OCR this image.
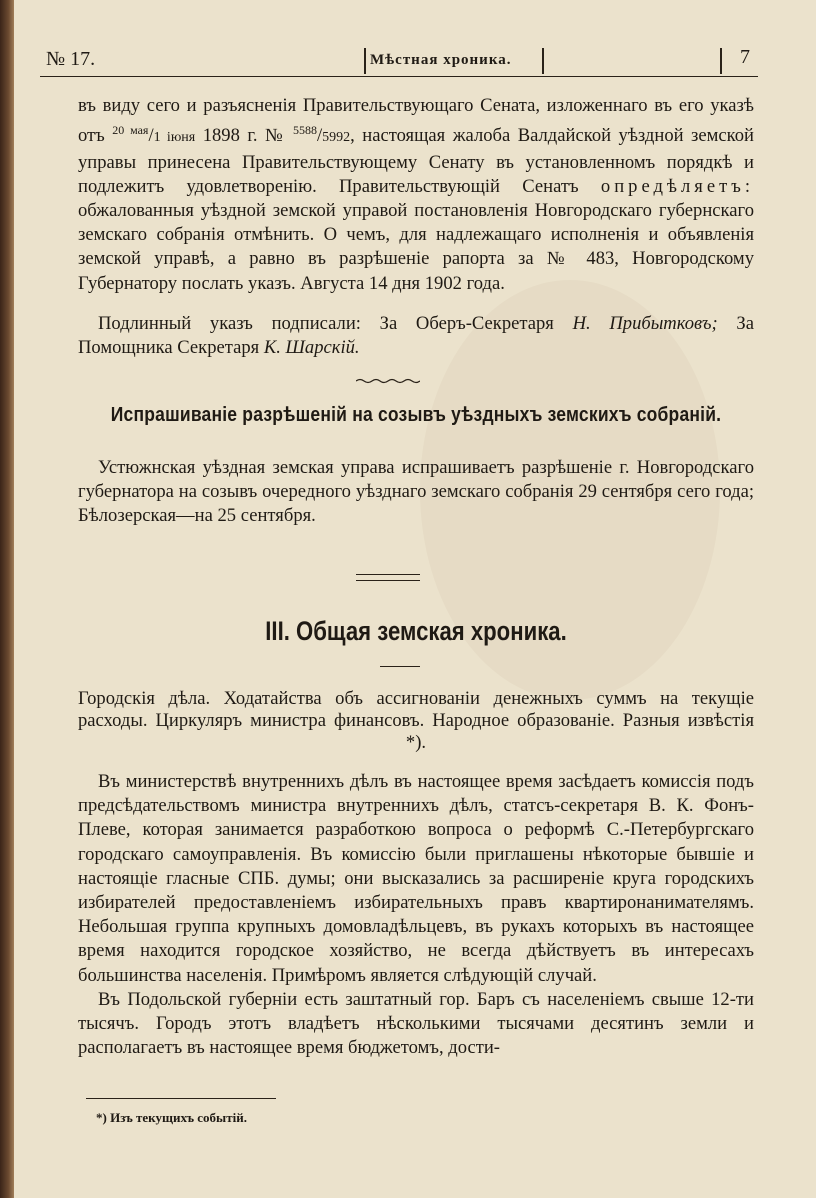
№ 17.	Мѣстная хроника.	7
въ виду сего и разъясненія Правительствующаго Сената, изложеннаго въ его указѣ отъ $^{20 мая}$/1 іюня 1898 г. № $^{5588}$/5992, настоящая жалоба Валдайской уѣздной земской управы принесена Правительствующему Сенату въ установленномъ порядкѣ и подлежитъ удовлетворенію. Правительствующій Сенатъ опредѣляетъ: обжалованныя уѣздной земской управой постановленія Новгородскаго губернскаго земскаго собранія отмѣнить. О чемъ, для надлежащаго исполненія и объявленія земской управѣ, а равно въ разрѣшеніе рапорта за № 483, Новгородскому Губернатору послать указъ. Августа 14 дня 1902 года.
Подлинный указъ подписали: За Оберъ-Секретаря Н. Прибытковъ; За Помощника Секретаря К. Шарскій.
Испрашиваніе разрѣшеній на созывъ уѣздныхъ земскихъ собраній.
Устюжнская уѣздная земская управа испрашиваетъ разрѣшеніе г. Новгородскаго губернатора на созывъ очередного уѣзднаго земскаго собранія 29 сентября сего года; Бѣлозерская—на 25 сентября.
III. Общая земская хроника.
Городскія дѣла. Ходатайства объ ассигнованіи денежныхъ суммъ на текущіе расходы. Циркуляръ министра финансовъ. Народное образованіе. Разныя извѣстія *).
Въ министерствѣ внутреннихъ дѣлъ въ настоящее время засѣдаетъ комиссія подъ предсѣдательствомъ министра внутреннихъ дѣлъ, статсъ-секретаря В. К. Фонъ-Плеве, которая занимается разработкою вопроса о реформѣ С.-Петербургскаго городскаго самоуправленія. Въ комиссію были приглашены нѣкоторые бывшіе и настоящіе гласные СПБ. думы; они высказались за расширеніе круга городскихъ избирателей предоставленіемъ избирательныхъ правъ квартиронанимателямъ. Небольшая группа крупныхъ домовладѣльцевъ, въ рукахъ которыхъ въ настоящее время находится городское хозяйство, не всегда дѣйствуетъ въ интересахъ большинства населенія. Примѣромъ является слѣдующій случай.
Въ Подольской губерніи есть заштатный гор. Баръ съ населеніемъ свыше 12-ти тысячъ. Городъ этотъ владѣетъ нѣсколькими тысячами десятинъ земли и располагаетъ въ настоящее время бюджетомъ, дости-
*) Изъ текущихъ событій.
